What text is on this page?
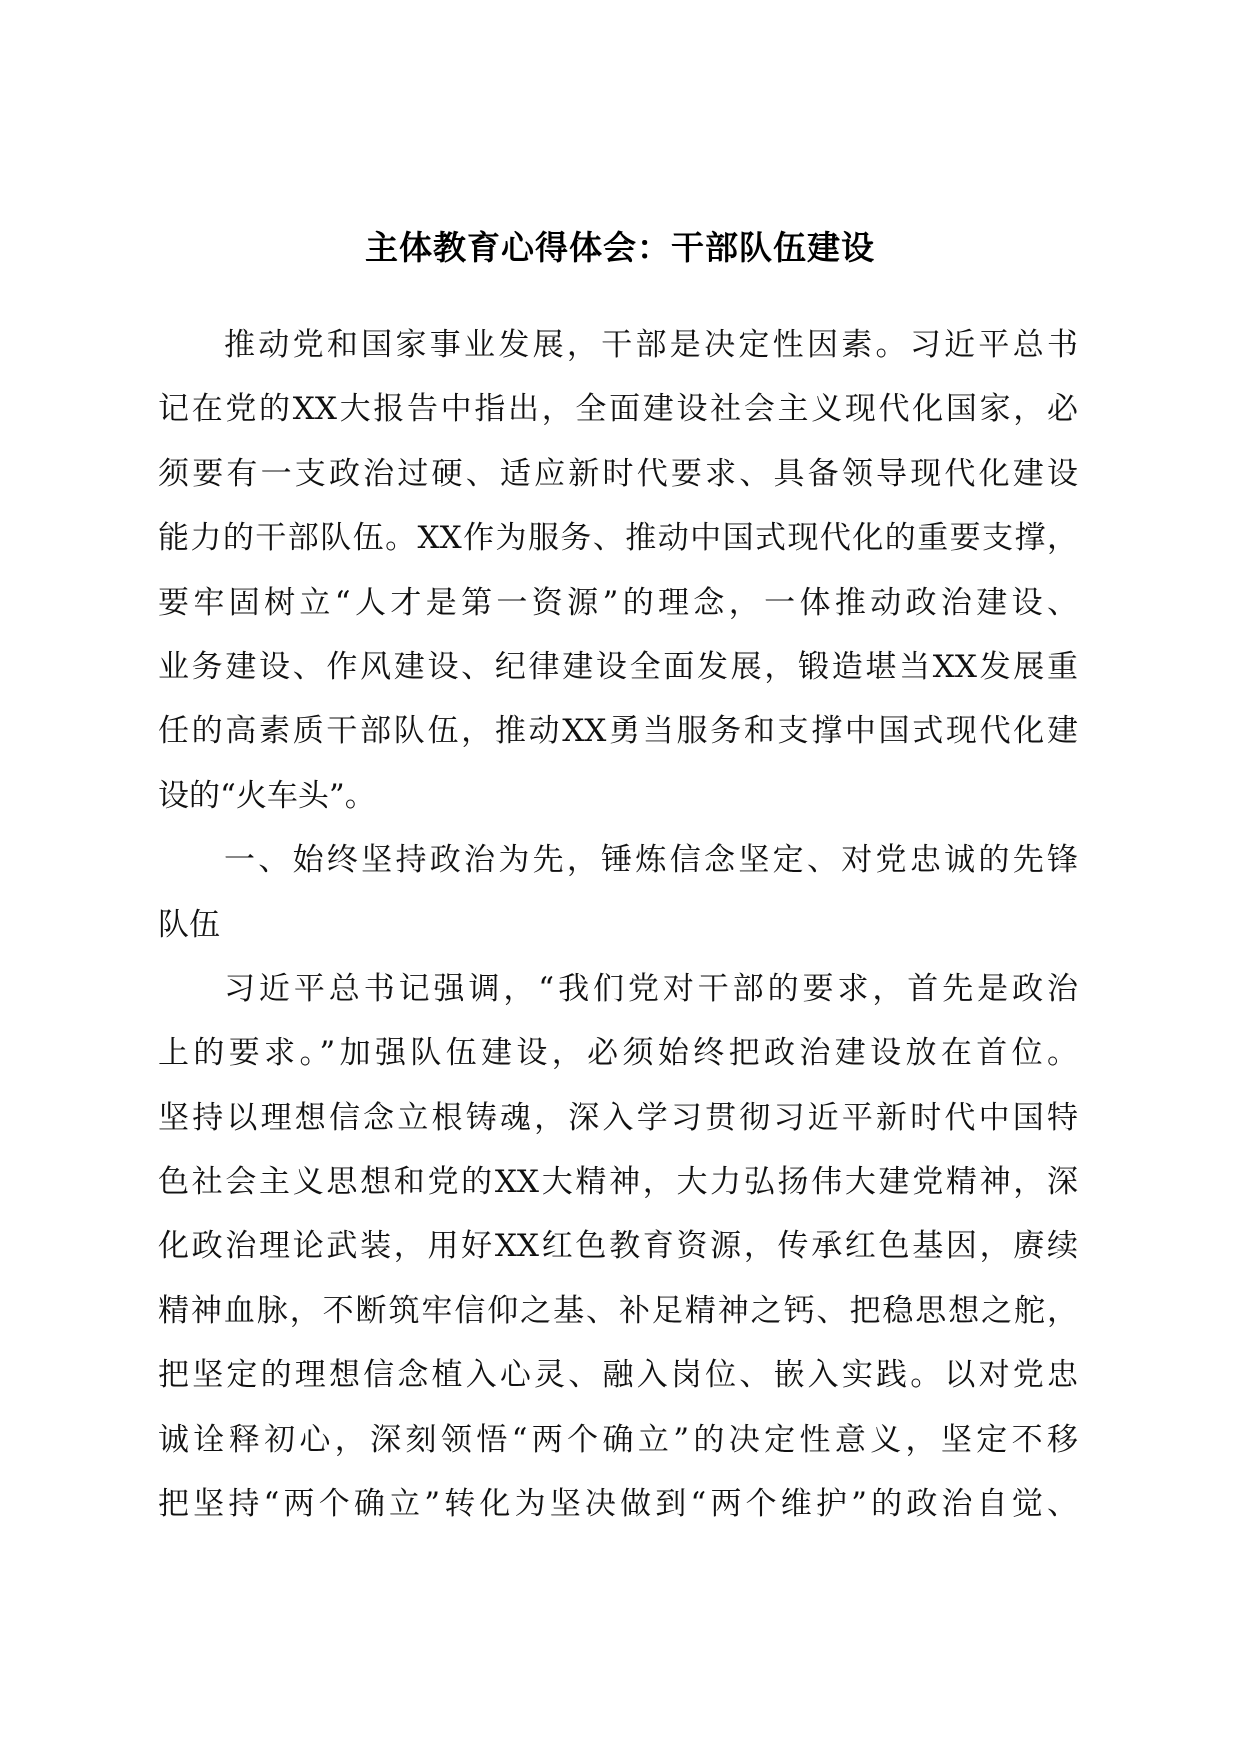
主体教育心得体会：干部队伍建设
推动党和国家事业发展，干部是决定性因素。习近平总书
记在党的XX大报告中指出，全面建设社会主义现代化国家，必
须要有一支政治过硬、适应新时代要求、具备领导现代化建设
能力的干部队伍。XX作为服务、推动中国式现代化的重要支撑，
要牢固树立“人才是第一资源”的理念，一体推动政治建设、
业务建设、作风建设、纪律建设全面发展，锻造堪当XX发展重
任的高素质干部队伍，推动XX勇当服务和支撑中国式现代化建
设的“火车头”。
一、始终坚持政治为先，锤炼信念坚定、对党忠诚的先锋
队伍
习近平总书记强调，“我们党对干部的要求，首先是政治
上的要求。”加强队伍建设，必须始终把政治建设放在首位。
坚持以理想信念立根铸魂，深入学习贯彻习近平新时代中国特
色社会主义思想和党的XX大精神，大力弘扬伟大建党精神，深
化政治理论武装，用好XX红色教育资源，传承红色基因，赓续
精神血脉，不断筑牢信仰之基、补足精神之钙、把稳思想之舵，
把坚定的理想信念植入心灵、融入岗位、嵌入实践。以对党忠
诚诠释初心，深刻领悟“两个确立”的决定性意义，坚定不移
把坚持“两个确立”转化为坚决做到“两个维护”的政治自觉、
